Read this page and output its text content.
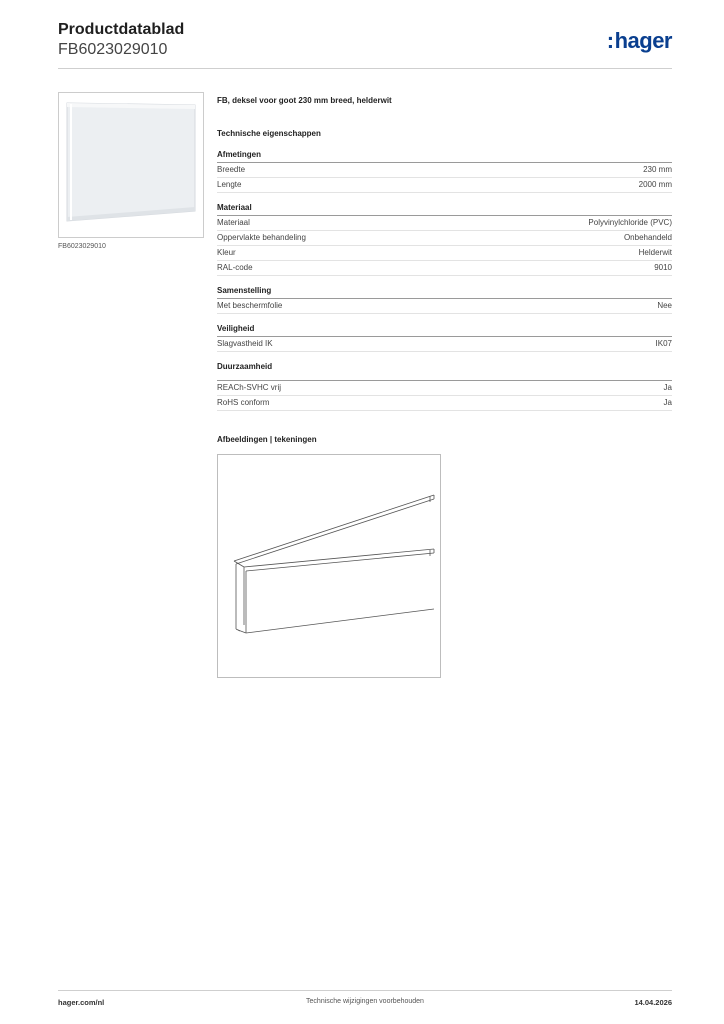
Productdatablad
FB6023029010	:hager
FB6023029010
FB, deksel voor goot 230 mm breed, helderwit
Technische eigenschappen
Afmetingen
Breedte	230 mm
Lengte	2000 mm
Materiaal
Materiaal	Polyvinylchloride (PVC)
Oppervlakte behandeling	Onbehandeld
Kleur	Helderwit
RAL-code	9010
Samenstelling
Met beschermfolie	Nee
Veiligheid
Slagvastheid IK	IK07
Duurzaamheid
REACh-SVHC vrij	Ja
RoHS conform	Ja
Afbeeldingen | tekeningen
hager.com/nl	Technische wijzigingen voorbehouden	14.04.2026
